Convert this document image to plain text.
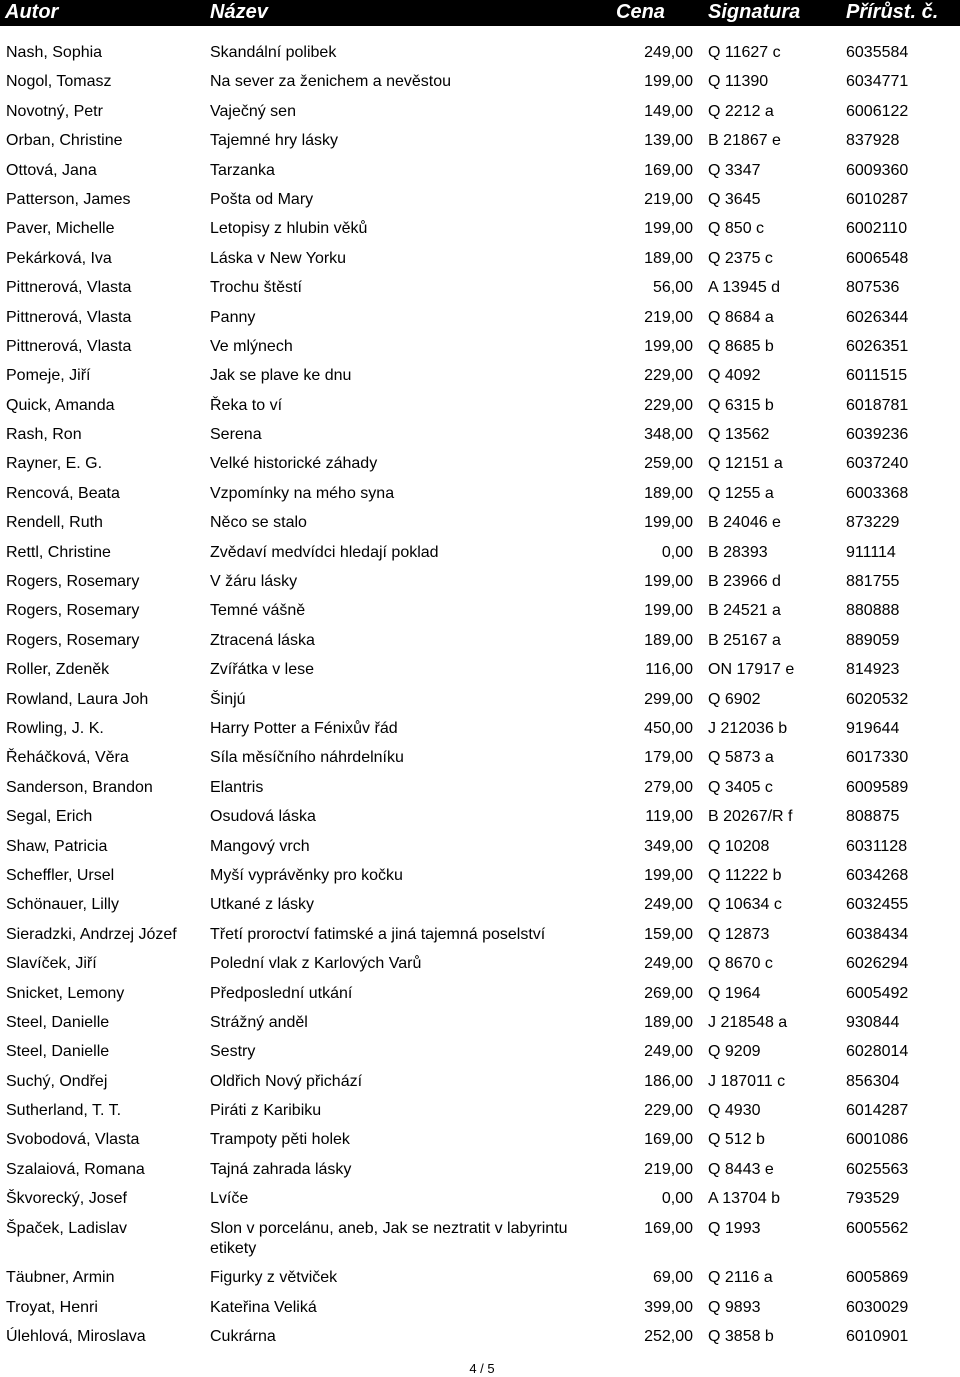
Autor	Název	Cena Signatura Přírůst. č.
Nash, Sophia	Skandální polibek	249,00 Q 11627 c	6035584
Nogol, Tomasz	Na sever za ženichem a nevěstou	199,00 Q 11390	6034771
Novotný, Petr	Vaječný sen	149,00 Q 2212 a	6006122
Orban, Christine	Tajemné hry lásky	139,00 B 21867 e	837928
Ottová, Jana	Tarzanka	169,00 Q 3347	6009360
Patterson, James	Pošta od Mary	219,00 Q 3645	6010287
Paver, Michelle	Letopisy z hlubin věků	199,00 Q 850 c	6002110
Pekárková, Iva	Láska v New Yorku	189,00 Q 2375 c	6006548
Pittnerová, Vlasta	Trochu štěstí	56,00 A 13945 d	807536
Pittnerová, Vlasta	Panny	219,00 Q 8684 a	6026344
Pittnerová, Vlasta	Ve mlýnech	199,00 Q 8685 b	6026351
Pomeje, Jiří	Jak se plave ke dnu	229,00 Q 4092	6011515
Quick, Amanda	Řeka to ví	229,00 Q 6315 b	6018781
Rash, Ron	Serena	348,00 Q 13562	6039236
Rayner, E. G.	Velké historické záhady	259,00 Q 12151 a	6037240
Rencová, Beata	Vzpomínky na mého syna	189,00 Q 1255 a	6003368
Rendell, Ruth	Něco se stalo	199,00 B 24046 e	873229
Rettl, Christine	Zvědaví medvídci hledají poklad	0,00 B 28393	911114
Rogers, Rosemary	V žáru lásky	199,00 B 23966 d	881755
Rogers, Rosemary	Temné vášně	199,00 B 24521 a	880888
Rogers, Rosemary	Ztracená láska	189,00 B 25167 a	889059
Roller, Zdeněk	Zvířátka v lese	116,00 ON 17917 e	814923
Rowland, Laura Joh	Šinjú	299,00 Q 6902	6020532
Rowling, J. K.	Harry Potter a Fénixův řád	450,00 J 212036 b	919644
Řeháčková, Věra	Síla měsíčního náhrdelníku	179,00 Q 5873 a	6017330
Sanderson, Brandon	Elantris	279,00 Q 3405 c	6009589
Segal, Erich	Osudová láska	119,00 B 20267/R f	808875
Shaw, Patricia	Mangový vrch	349,00 Q 10208	6031128
Scheffler, Ursel	Myší vyprávěnky pro kočku	199,00 Q 11222 b	6034268
Schönauer, Lilly	Utkané z lásky	249,00 Q 10634 c	6032455
Sieradzki, Andrzej Józef	Třetí proroctví fatimské a jiná tajemná poselství	159,00 Q 12873	6038434
Slavíček, Jiří	Polední vlak z Karlových Varů	249,00 Q 8670 c	6026294
Snicket, Lemony	Předposlední utkání	269,00 Q 1964	6005492
Steel, Danielle	Strážný anděl	189,00 J 218548 a	930844
Steel, Danielle	Sestry	249,00 Q 9209	6028014
Suchý, Ondřej	Oldřich Nový přichází	186,00 J 187011 c	856304
Sutherland, T. T.	Piráti z Karibiku	229,00 Q 4930	6014287
Svobodová, Vlasta	Trampoty pěti holek	169,00 Q 512 b	6001086
Szalaiová, Romana	Tajná zahrada lásky	219,00 Q 8443 e	6025563
Škvorecký, Josef	Lvíče	0,00 A 13704 b	793529
Špaček, Ladislav	Slon v porcelánu, aneb, Jak se neztratit v labyrintu etikety
169,00 Q 1993	6005562
Täubner, Armin	Figurky z větviček	69,00 Q 2116 a	6005869
Troyat, Henri	Kateřina Veliká	399,00 Q 9893	6030029
Úlehlová, Miroslava	Cukrárna	252,00 Q 3858 b	6010901
4 / 5
